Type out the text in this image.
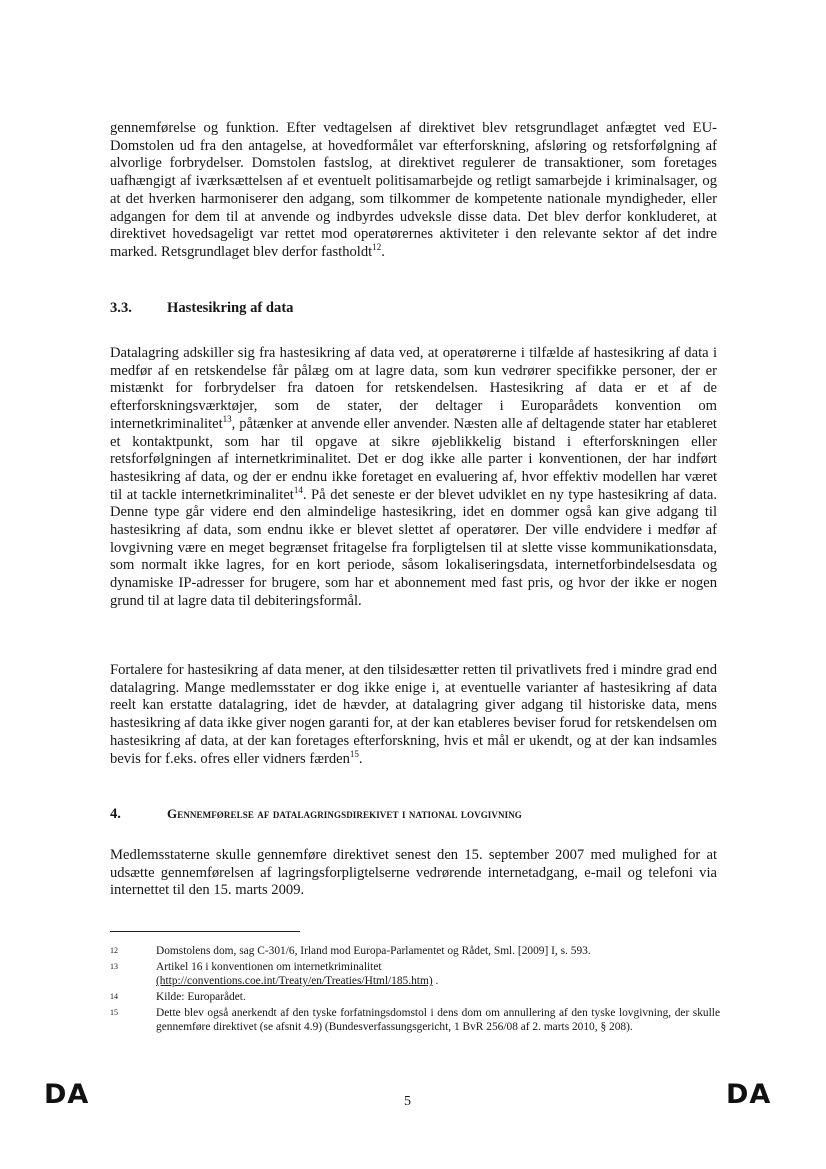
gennemførelse og funktion. Efter vedtagelsen af direktivet blev retsgrundlaget anfægtet ved EU-Domstolen ud fra den antagelse, at hovedformålet var efterforskning, afsløring og retsforfølgning af alvorlige forbrydelser. Domstolen fastslog, at direktivet regulerer de transaktioner, som foretages uafhængigt af iværksættelsen af et eventuelt politisamarbejde og retligt samarbejde i kriminalsager, og at det hverken harmoniserer den adgang, som tilkommer de kompetente nationale myndigheder, eller adgangen for dem til at anvende og indbyrdes udveksle disse data. Det blev derfor konkluderet, at direktivet hovedsageligt var rettet mod operatørernes aktiviteter i den relevante sektor af det indre marked. Retsgrundlaget blev derfor fastholdt$^{12}$.

3.3. Hastesikring af data

Datalagring adskiller sig fra hastesikring af data ved, at operatørerne i tilfælde af hastesikring af data i medfør af en retskendelse får pålæg om at lagre data, som kun vedrører specifikke personer, der er mistænkt for forbrydelser fra datoen for retskendelsen. Hastesikring af data er et af de efterforskningsværktøjer, som de stater, der deltager i Europarådets konvention om internetkriminalitet$^{13}$, påtænker at anvende eller anvender. Næsten alle af deltagende stater har etableret et kontaktpunkt, som har til opgave at sikre øjeblikkelig bistand i efterforskningen eller retsforfølgningen af internetkriminalitet. Det er dog ikke alle parter i konventionen, der har indført hastesikring af data, og der er endnu ikke foretaget en evaluering af, hvor effektiv modellen har været til at tackle internetkriminalitet$^{14}$. På det seneste er der blevet udviklet en ny type hastesikring af data. Denne type går videre end den almindelige hastesikring, idet en dommer også kan give adgang til hastesikring af data, som endnu ikke er blevet slettet af operatører. Der ville endvidere i medfør af lovgivning være en meget begrænset fritagelse fra forpligtelsen til at slette visse kommunikationsdata, som normalt ikke lagres, for en kort periode, såsom lokaliseringsdata, internetforbindelsesdata og dynamiske IP-adresser for brugere, som har et abonnement med fast pris, og hvor der ikke er nogen grund til at lagre data til debiteringsformål.

Fortalere for hastesikring af data mener, at den tilsidesætter retten til privatlivets fred i mindre grad end datalagring. Mange medlemsstater er dog ikke enige i, at eventuelle varianter af hastesikring af data reelt kan erstatte datalagring, idet de hævder, at datalagring giver adgang til historiske data, mens hastesikring af data ikke giver nogen garanti for, at der kan etableres beviser forud for retskendelsen om hastesikring af data, at der kan foretages efterforskning, hvis et mål er ukendt, og at der kan indsamles bevis for f.eks. ofres eller vidners færden$^{15}$.

4.	Gennemførelse af datalagringsdirekivet i national lovgivning

Medlemsstaterne skulle gennemføre direktivet senest den 15. september 2007 med mulighed for at udsætte gennemførelsen af lagringsforpligtelserne vedrørende internetadgang, e-mail og telefoni via internettet til den 15. marts 2009.

12	Domstolens dom, sag C-301/6, Irland mod Europa-Parlamentet og Rådet, Sml. [2009] I, s. 593.
13	Artikel 16 i konventionen om internetkriminalitet
(http://conventions.coe.int/Treaty/en/Treaties/Html/185.htm) .
14	Kilde: Europarådet.
15	Dette blev også anerkendt af den tyske forfatningsdomstol i dens dom om annullering af den tyske lovgivning, der skulle gennemføre direktivet (se afsnit 4.9) (Bundesverfassungsgericht, 1 BvR 256/08 af 2. marts 2010, § 208).
DA	5	DA
